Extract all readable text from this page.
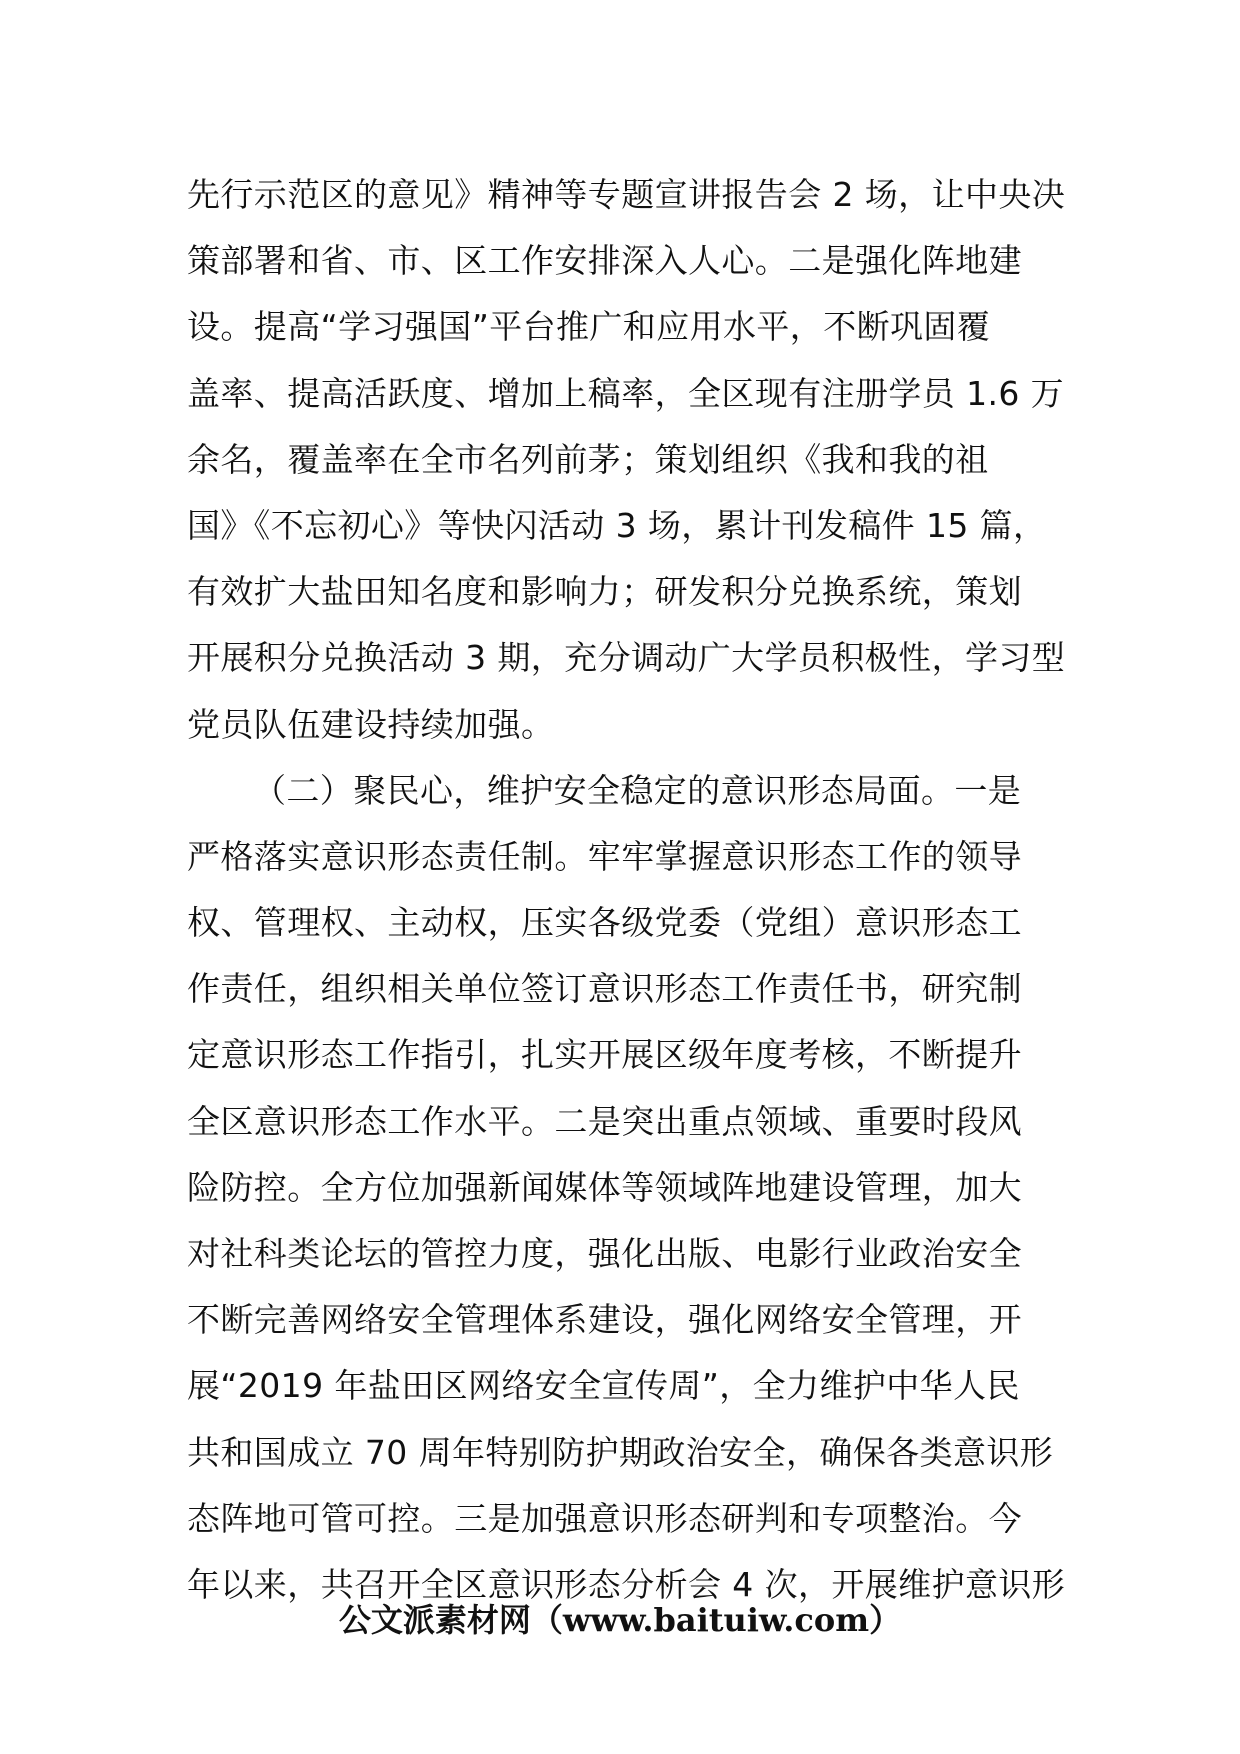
先行示范区的意见》精神等专题宣讲报告会 2 场，让中央决
策部署和省、市、区工作安排深入人心。二是强化阵地建
设。提高“学习强国”平台推广和应用水平，不断巩固覆
盖率、提高活跃度、增加上稿率，全区现有注册学员 1.6 万
余名，覆盖率在全市名列前茅；策划组织《我和我的祖
国》《不忘初心》等快闪活动 3 场，累计刊发稿件 15 篇，
有效扩大盐田知名度和影响力；研发积分兑换系统，策划
开展积分兑换活动 3 期，充分调动广大学员积极性，学习型
党员队伍建设持续加强。
（二）聚民心，维护安全稳定的意识形态局面。一是
严格落实意识形态责任制。牢牢掌握意识形态工作的领导
权、管理权、主动权，压实各级党委（党组）意识形态工
作责任，组织相关单位签订意识形态工作责任书，研究制
定意识形态工作指引，扎实开展区级年度考核，不断提升
全区意识形态工作水平。二是突出重点领域、重要时段风
险防控。全方位加强新闻媒体等领域阵地建设管理，加大
对社科类论坛的管控力度，强化出版、电影行业政治安全
不断完善网络安全管理体系建设，强化网络安全管理，开
展“2019 年盐田区网络安全宣传周”，全力维护中华人民
共和国成立 70 周年特别防护期政治安全，确保各类意识形
态阵地可管可控。三是加强意识形态研判和专项整治。今
年以来，共召开全区意识形态分析会 4 次，开展维护意识形
公文派素材网（www.baituiw.com）
